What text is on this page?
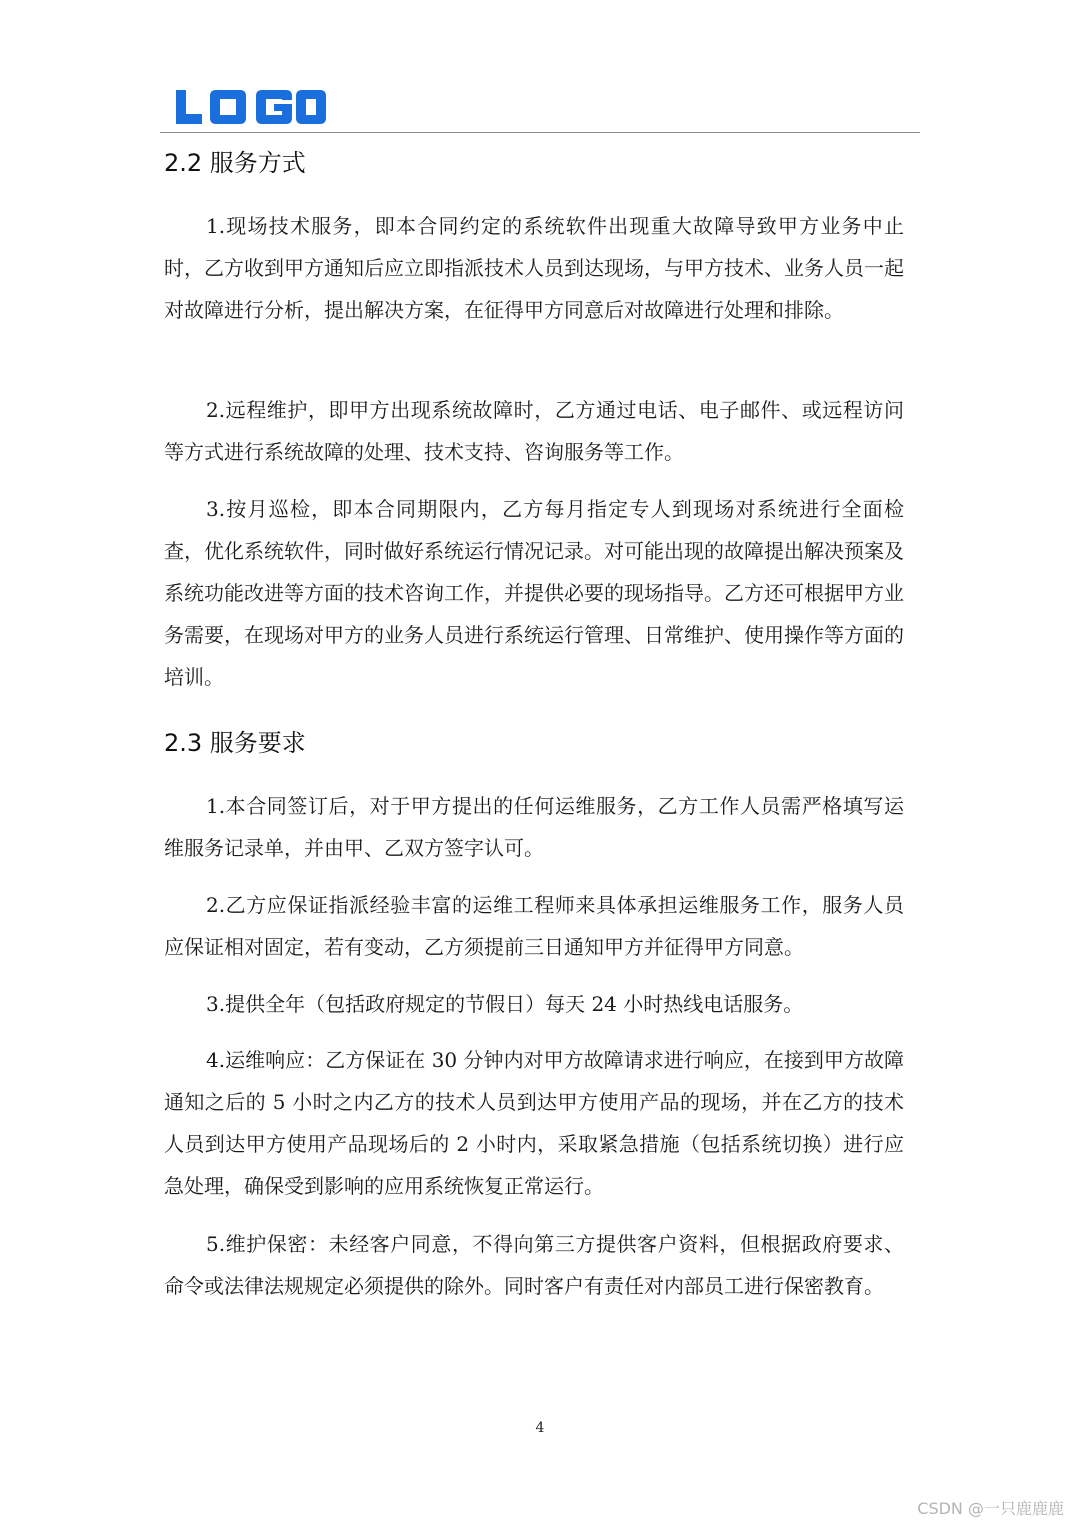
2.2 服务方式

1.现场技术服务，即本合同约定的系统软件出现重大故障导致甲方业务中止时，乙方收到甲方通知后应立即指派技术人员到达现场，与甲方技术、业务人员一起对故障进行分析，提出解决方案，在征得甲方同意后对故障进行处理和排除。

2.远程维护，即甲方出现系统故障时，乙方通过电话、电子邮件、或远程访问等方式进行系统故障的处理、技术支持、咨询服务等工作。

3.按月巡检，即本合同期限内，乙方每月指定专人到现场对系统进行全面检查，优化系统软件，同时做好系统运行情况记录。对可能出现的故障提出解决预案及系统功能改进等方面的技术咨询工作，并提供必要的现场指导。乙方还可根据甲方业务需要，在现场对甲方的业务人员进行系统运行管理、日常维护、使用操作等方面的培训。

2.3 服务要求

1.本合同签订后，对于甲方提出的任何运维服务，乙方工作人员需严格填写运维服务记录单，并由甲、乙双方签字认可。

2.乙方应保证指派经验丰富的运维工程师来具体承担运维服务工作，服务人员应保证相对固定，若有变动，乙方须提前三日通知甲方并征得甲方同意。

3.提供全年（包括政府规定的节假日）每天 24 小时热线电话服务。

4.运维响应：乙方保证在 30 分钟内对甲方故障请求进行响应，在接到甲方故障通知之后的 5 小时之内乙方的技术人员到达甲方使用产品的现场，并在乙方的技术人员到达甲方使用产品现场后的 2 小时内，采取紧急措施（包括系统切换）进行应急处理，确保受到影响的应用系统恢复正常运行。

5.维护保密：未经客户同意，不得向第三方提供客户资料，但根据政府要求、命令或法律法规规定必须提供的除外。同时客户有责任对内部员工进行保密教育。

4
CSDN @一只鹿鹿鹿
